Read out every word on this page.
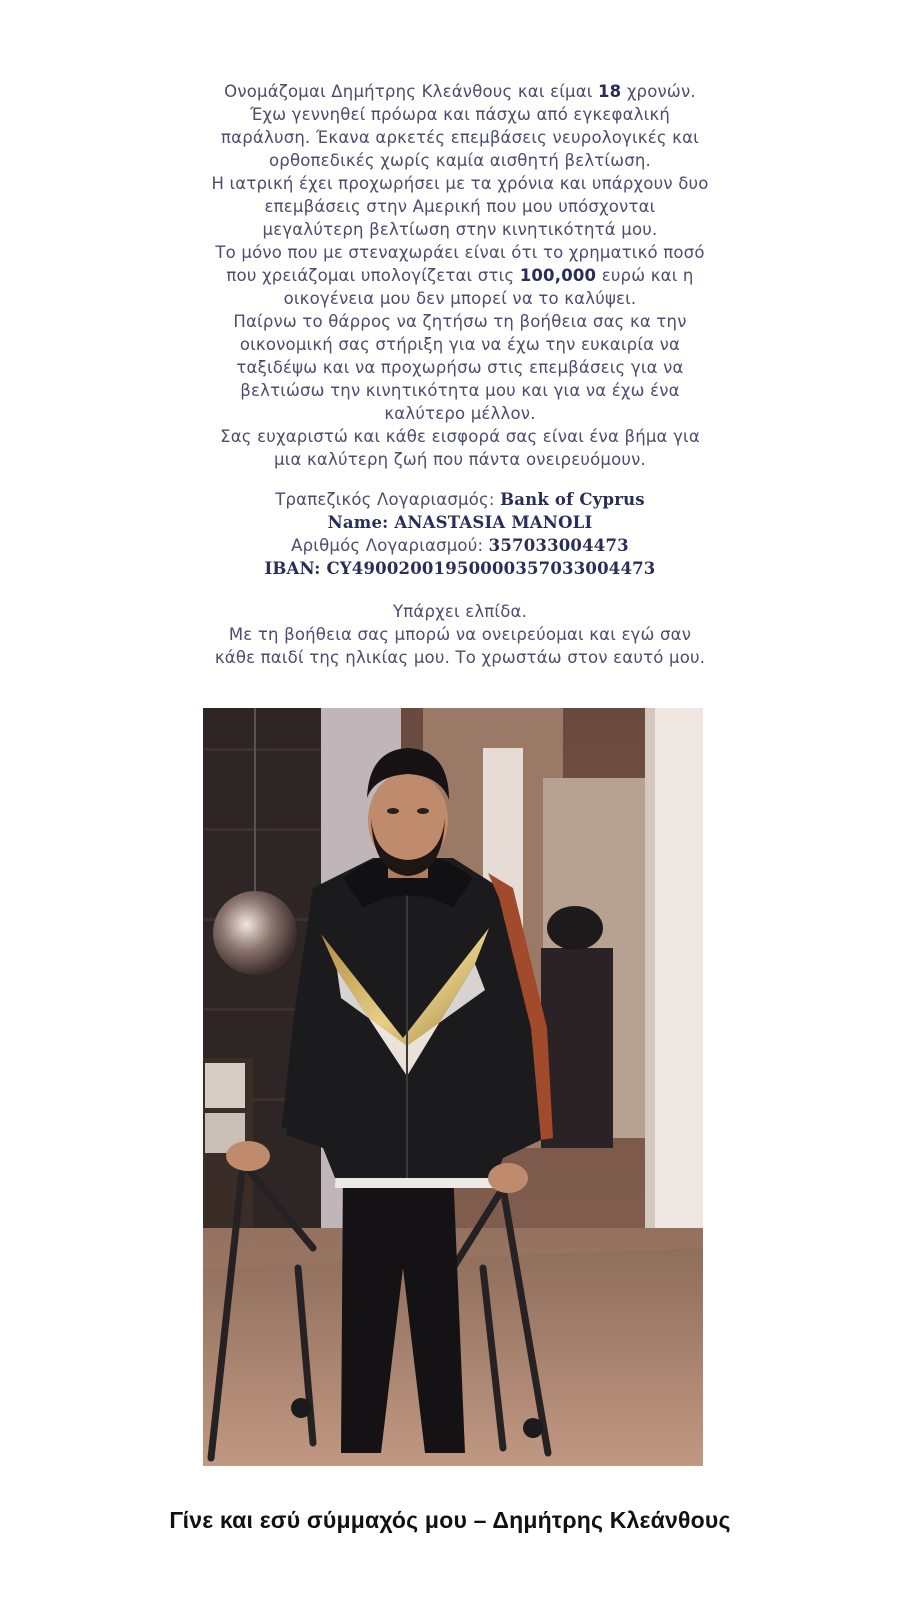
Ονομάζομαι Δημήτρης Κλεάνθους και είμαι 18 χρονών.

Έχω γεννηθεί πρόωρα και πάσχω από εγκεφαλική

παράλυση. Έκανα αρκετές επεμβάσεις νευρολογικές και

ορθοπεδικές χωρίς καμία αισθητή βελτίωση.

Η ιατρική έχει προχωρήσει με τα χρόνια και υπάρχουν δυο

επεμβάσεις στην Αμερική που μου υπόσχονται

μεγαλύτερη βελτίωση στην κινητικότητά μου.

Το μόνο που με στεναχωράει είναι ότι το χρηματικό ποσό

που χρειάζομαι υπολογίζεται στις 100,000 ευρώ και η

οικογένεια μου δεν μπορεί να το καλύψει.

Παίρνω το θάρρος να ζητήσω τη βοήθεια σας κα την

οικονομική σας στήριξη για να έχω την ευκαιρία να

ταξιδέψω και να προχωρήσω στις επεμβάσεις για να

βελτιώσω την κινητικότητα μου και για να έχω ένα

καλύτερο μέλλον.

Σας ευχαριστώ και κάθε εισφορά σας είναι ένα βήμα για

μια καλύτερη ζωή που πάντα ονειρευόμουν.

Τραπεζικός Λογαριασμός: Bank of Cyprus

Name: ANASTASIA MANOLI

Αριθμός Λογαριασμού: 357033004473

IBAN: CY49002001950000357033004473

Υπάρχει ελπίδα.

Με τη βοήθεια σας μπορώ να ονειρεύομαι και εγώ σαν

κάθε παιδί της ηλικίας μου. Το χρωστάω στον εαυτό μου.

Γίνε και εσύ σύμμαχός μου – Δημήτρης Κλεάνθους
